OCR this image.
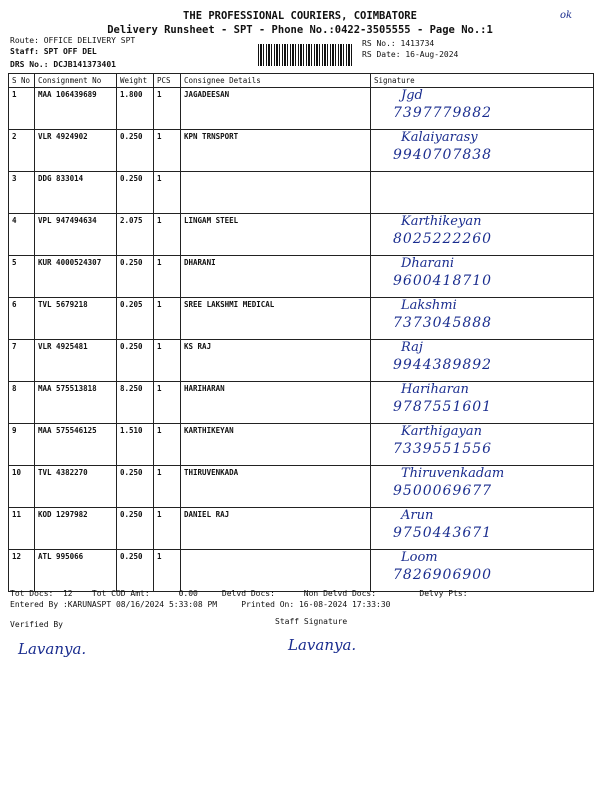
ok
THE PROFESSIONAL COURIERS, COIMBATORE
Delivery Runsheet - SPT - Phone No.:0422-3505555 - Page No.:1
Route: OFFICE DELIVERY SPT
Staff: SPT OFF DEL
DRS No.: DCJB141373401
RS No.: 1413734
RS Date: 16-Aug-2024
S No	Consignment No	Weight	PCS	Consignee Details	Signature
1	MAA 106439689	1.800	1	JAGADEESAN	Jgd
7397779882

2	VLR 4924902	0.250	1	KPN TRNSPORT	Kalaiyarasy
9940707838

3	DDG 833014	0.250	1		

4	VPL 947494634	2.075	1	LINGAM STEEL	Karthikeyan
8025222260

5	KUR 4000524307	0.250	1	DHARANI	Dharani
9600418710

6	TVL 5679218	0.205	1	SREE LAKSHMI MEDICAL	Lakshmi
7373045888

7	VLR 4925481	0.250	1	KS RAJ	Raj
9944389892

8	MAA 575513818	8.250	1	HARIHARAN	Hariharan
9787551601

9	MAA 575546125	1.510	1	KARTHIKEYAN	Karthigayan
7339551556

10	TVL 4382270	0.250	1	THIRUVENKADA	Thiruvenkadam
9500069677

11	KOD 1297982	0.250	1	DANIEL RAJ	Arun
9750443671

12	ATL 995066	0.250	1		Loom
7826906900
Tot Docs:  12    Tot COD Amt:      0.00     Delvd Docs:      Non Delvd Docs:         Delvy Pts:
Entered By :KARUNASPT 08/16/2024 5:33:08 PM     Printed On: 16-08-2024 17:33:30
Verified By	Staff Signature
Lavanya.	Lavanya.
